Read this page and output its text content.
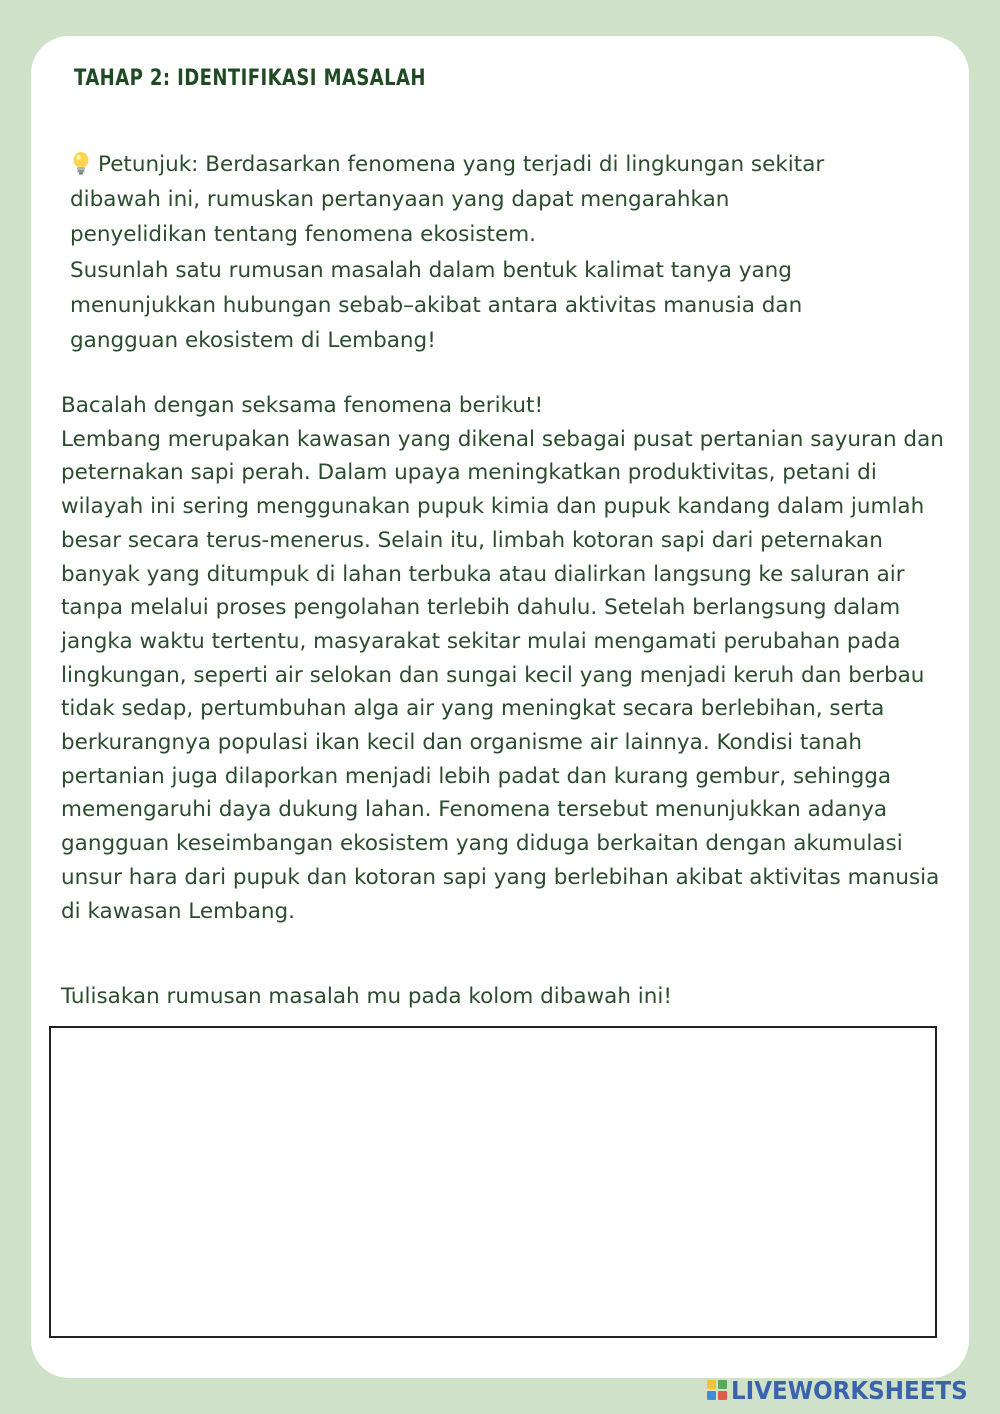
TAHAP 2: IDENTIFIKASI MASALAH

Petunjuk: Berdasarkan fenomena yang terjadi di lingkungan sekitar dibawah ini, rumuskan pertanyaan yang dapat mengarahkan penyelidikan tentang fenomena ekosistem.

Susunlah satu rumusan masalah dalam bentuk kalimat tanya yang menunjukkan hubungan sebab–akibat antara aktivitas manusia dan gangguan ekosistem di Lembang!

Bacalah dengan seksama fenomena berikut!

Lembang merupakan kawasan yang dikenal sebagai pusat pertanian sayuran dan peternakan sapi perah. Dalam upaya meningkatkan produktivitas, petani di wilayah ini sering menggunakan pupuk kimia dan pupuk kandang dalam jumlah besar secara terus-menerus. Selain itu, limbah kotoran sapi dari peternakan banyak yang ditumpuk di lahan terbuka atau dialirkan langsung ke saluran air tanpa melalui proses pengolahan terlebih dahulu. Setelah berlangsung dalam jangka waktu tertentu, masyarakat sekitar mulai mengamati perubahan pada lingkungan, seperti air selokan dan sungai kecil yang menjadi keruh dan berbau tidak sedap, pertumbuhan alga air yang meningkat secara berlebihan, serta berkurangnya populasi ikan kecil dan organisme air lainnya. Kondisi tanah pertanian juga dilaporkan menjadi lebih padat dan kurang gembur, sehingga memengaruhi daya dukung lahan. Fenomena tersebut menunjukkan adanya gangguan keseimbangan ekosistem yang diduga berkaitan dengan akumulasi unsur hara dari pupuk dan kotoran sapi yang berlebihan akibat aktivitas manusia di kawasan Lembang.

Tulisakan rumusan masalah mu pada kolom dibawah ini!

LIVEWORKSHEETS
